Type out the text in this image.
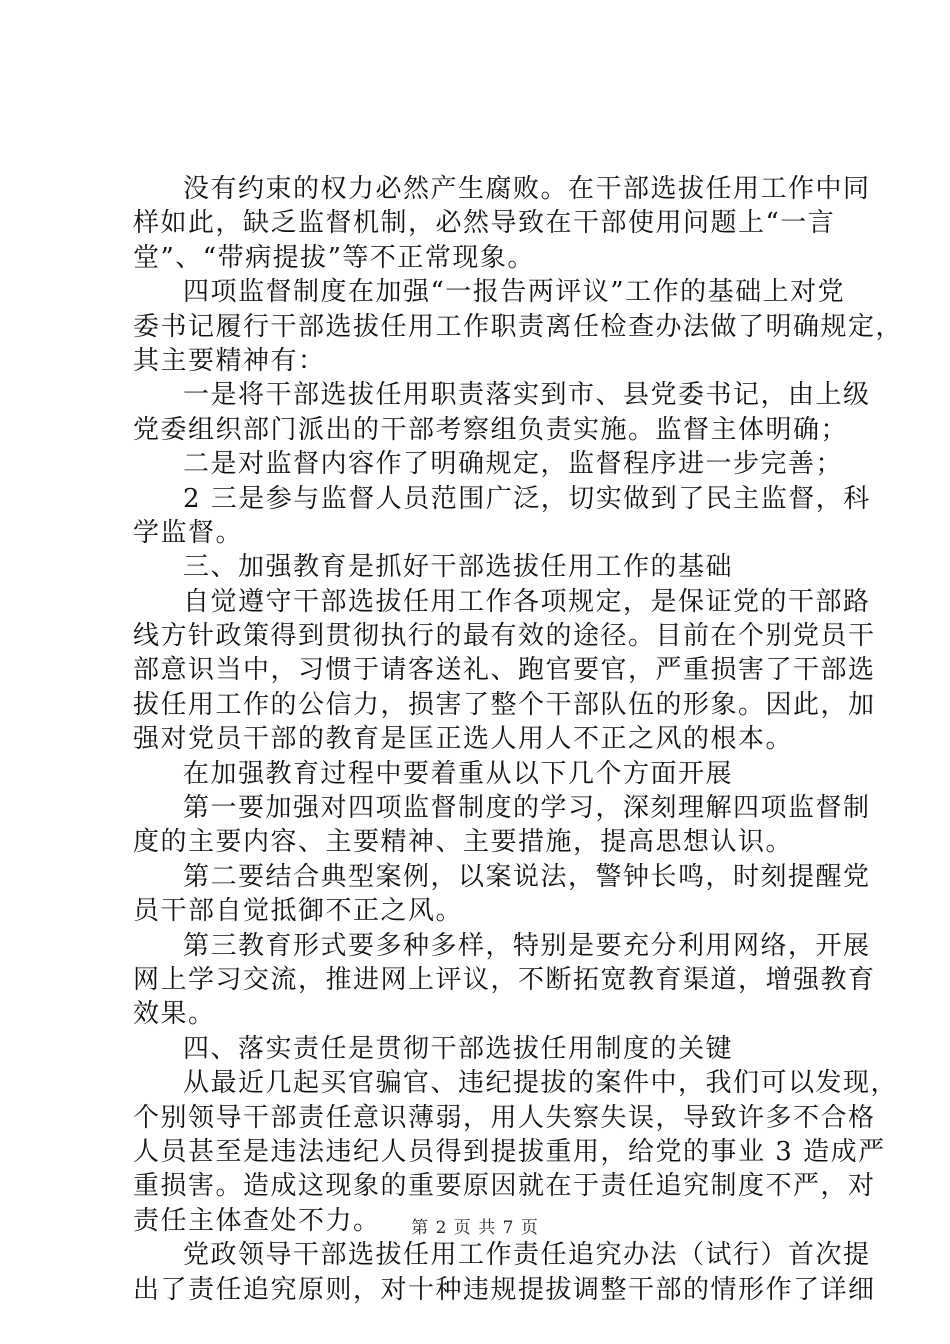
没有约束的权力必然产生腐败。在干部选拔任用工作中同
样如此，缺乏监督机制，必然导致在干部使用问题上“一言
堂”、“带病提拔”等不正常现象。
四项监督制度在加强“一报告两评议”工作的基础上对党
委书记履行干部选拔任用工作职责离任检查办法做了明确规定，
其主要精神有：
一是将干部选拔任用职责落实到市、县党委书记，由上级
党委组织部门派出的干部考察组负责实施。监督主体明确；
二是对监督内容作了明确规定，监督程序进一步完善；
2 三是参与监督人员范围广泛，切实做到了民主监督，科
学监督。
三、加强教育是抓好干部选拔任用工作的基础
自觉遵守干部选拔任用工作各项规定，是保证党的干部路
线方针政策得到贯彻执行的最有效的途径。目前在个别党员干
部意识当中，习惯于请客送礼、跑官要官，严重损害了干部选
拔任用工作的公信力，损害了整个干部队伍的形象。因此，加
强对党员干部的教育是匡正选人用人不正之风的根本。
在加强教育过程中要着重从以下几个方面开展
第一要加强对四项监督制度的学习，深刻理解四项监督制
度的主要内容、主要精神、主要措施，提高思想认识。
第二要结合典型案例，以案说法，警钟长鸣，时刻提醒党
员干部自觉抵御不正之风。
第三教育形式要多种多样，特别是要充分利用网络，开展
网上学习交流，推进网上评议，不断拓宽教育渠道，增强教育
效果。
四、落实责任是贯彻干部选拔任用制度的关键
从最近几起买官骗官、违纪提拔的案件中，我们可以发现，
个别领导干部责任意识薄弱，用人失察失误，导致许多不合格
人员甚至是违法违纪人员得到提拔重用，给党的事业 3 造成严
重损害。造成这现象的重要原因就在于责任追究制度不严，对
责任主体查处不力。
党政领导干部选拔任用工作责任追究办法（试行）首次提
出了责任追究原则，对十种违规提拔调整干部的情形作了详细
第 2 页 共 7 页
